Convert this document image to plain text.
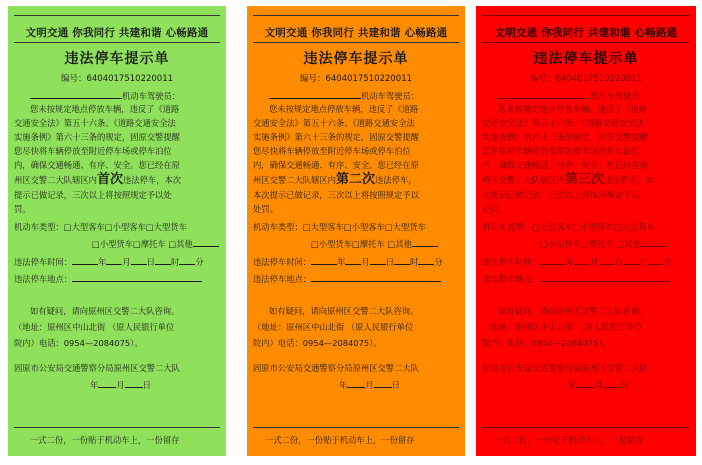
文明交通 你我同行 共建和谐 心畅路通
违法停车提示单
编号：6404017510220011
机动车驾驶员：
您未按规定地点停放车辆，违反了《道路
交通安全法》第五十六条、《道路交通安全法
实施条例》第六十三条的规定，固原交警提醒
您尽快将车辆停放至附近停车场或停车泊位
内，确保交通畅通、有序、安全。您已经在原
州区交警二大队辖区内首次违法停车，本次
提示已做记录，三次以上将按照规定予以处
罚。
机动车类型：□大型客车□小型客车□大型货车
□小型货车□摩托车 □其他
违法停车时间：	年 月 日 时 分
违法停车地点：
如有疑问，请向原州区交警二大队咨询。
（地址：原州区中山北街 （原人民银行单位
院内）电话：0954—2084075）。
固原市公安局交通警察分局原州区交警二大队
年 月 日
一式二份，一份贴于机动车上，一份留存
文明交通 你我同行 共建和谐 心畅路通
违法停车提示单
编号：6404017510220011
机动车驾驶员：
您未按规定地点停放车辆，违反了《道路
交通安全法》第五十六条、《道路交通安全法
实施条例》第六十三条的规定，固原交警提醒
您尽快将车辆停放至附近停车场或停车泊位
内，确保交通畅通、有序、安全。您已经在原
州区交警二大队辖区内第二次违法停车，
本次提示已做记录，三次以上将按照规定予以
处罚。
机动车类型：□大型客车□小型客车□大型货车
□小型货车□摩托车 □其他
违法停车时间：	年 月 日 时 分
违法停车地点：
如有疑问，请向原州区交警二大队咨询。
（地址：原州区中山北街 （原人民银行单位
院内）电话：0954—2084075）。
固原市公安局交通警察分局原州区交警二大队
年 月 日
一式二份，一份贴于机动车上，一份留存
文明交通 你我同行 共建和谐 心畅路通
违法停车提示单
编号：6404017510220011
机动车驾驶员：
您未按规定地点停放车辆，违反了《道路
交通安全法》第五十六条、《道路交通安全法
实施条例》第六十三条的规定，固原交警提醒
您尽快将车辆停放至附近停车场或停车泊位
内，确保交通畅通、有序、安全。您已经在原
州区交警二大队辖区内第三次违法停车，本
次提示已做记录，三次以上将按照规定予以
处罚。
机动车类型：□大型客车□小型客车□大型货车
□小型货车□摩托车 □其他
违法停车时间：	年 月 日 时 分
违法停车地点：
如有疑问，请向原州区交警二大队咨询。
（地址：原州区中山北街 （原人民银行单位
院内）电话：0954—2084075）。
固原市公安局交通警察分局原州区交警二大队
年 月 日
一式二份，一份贴于机动车上，一份留存
